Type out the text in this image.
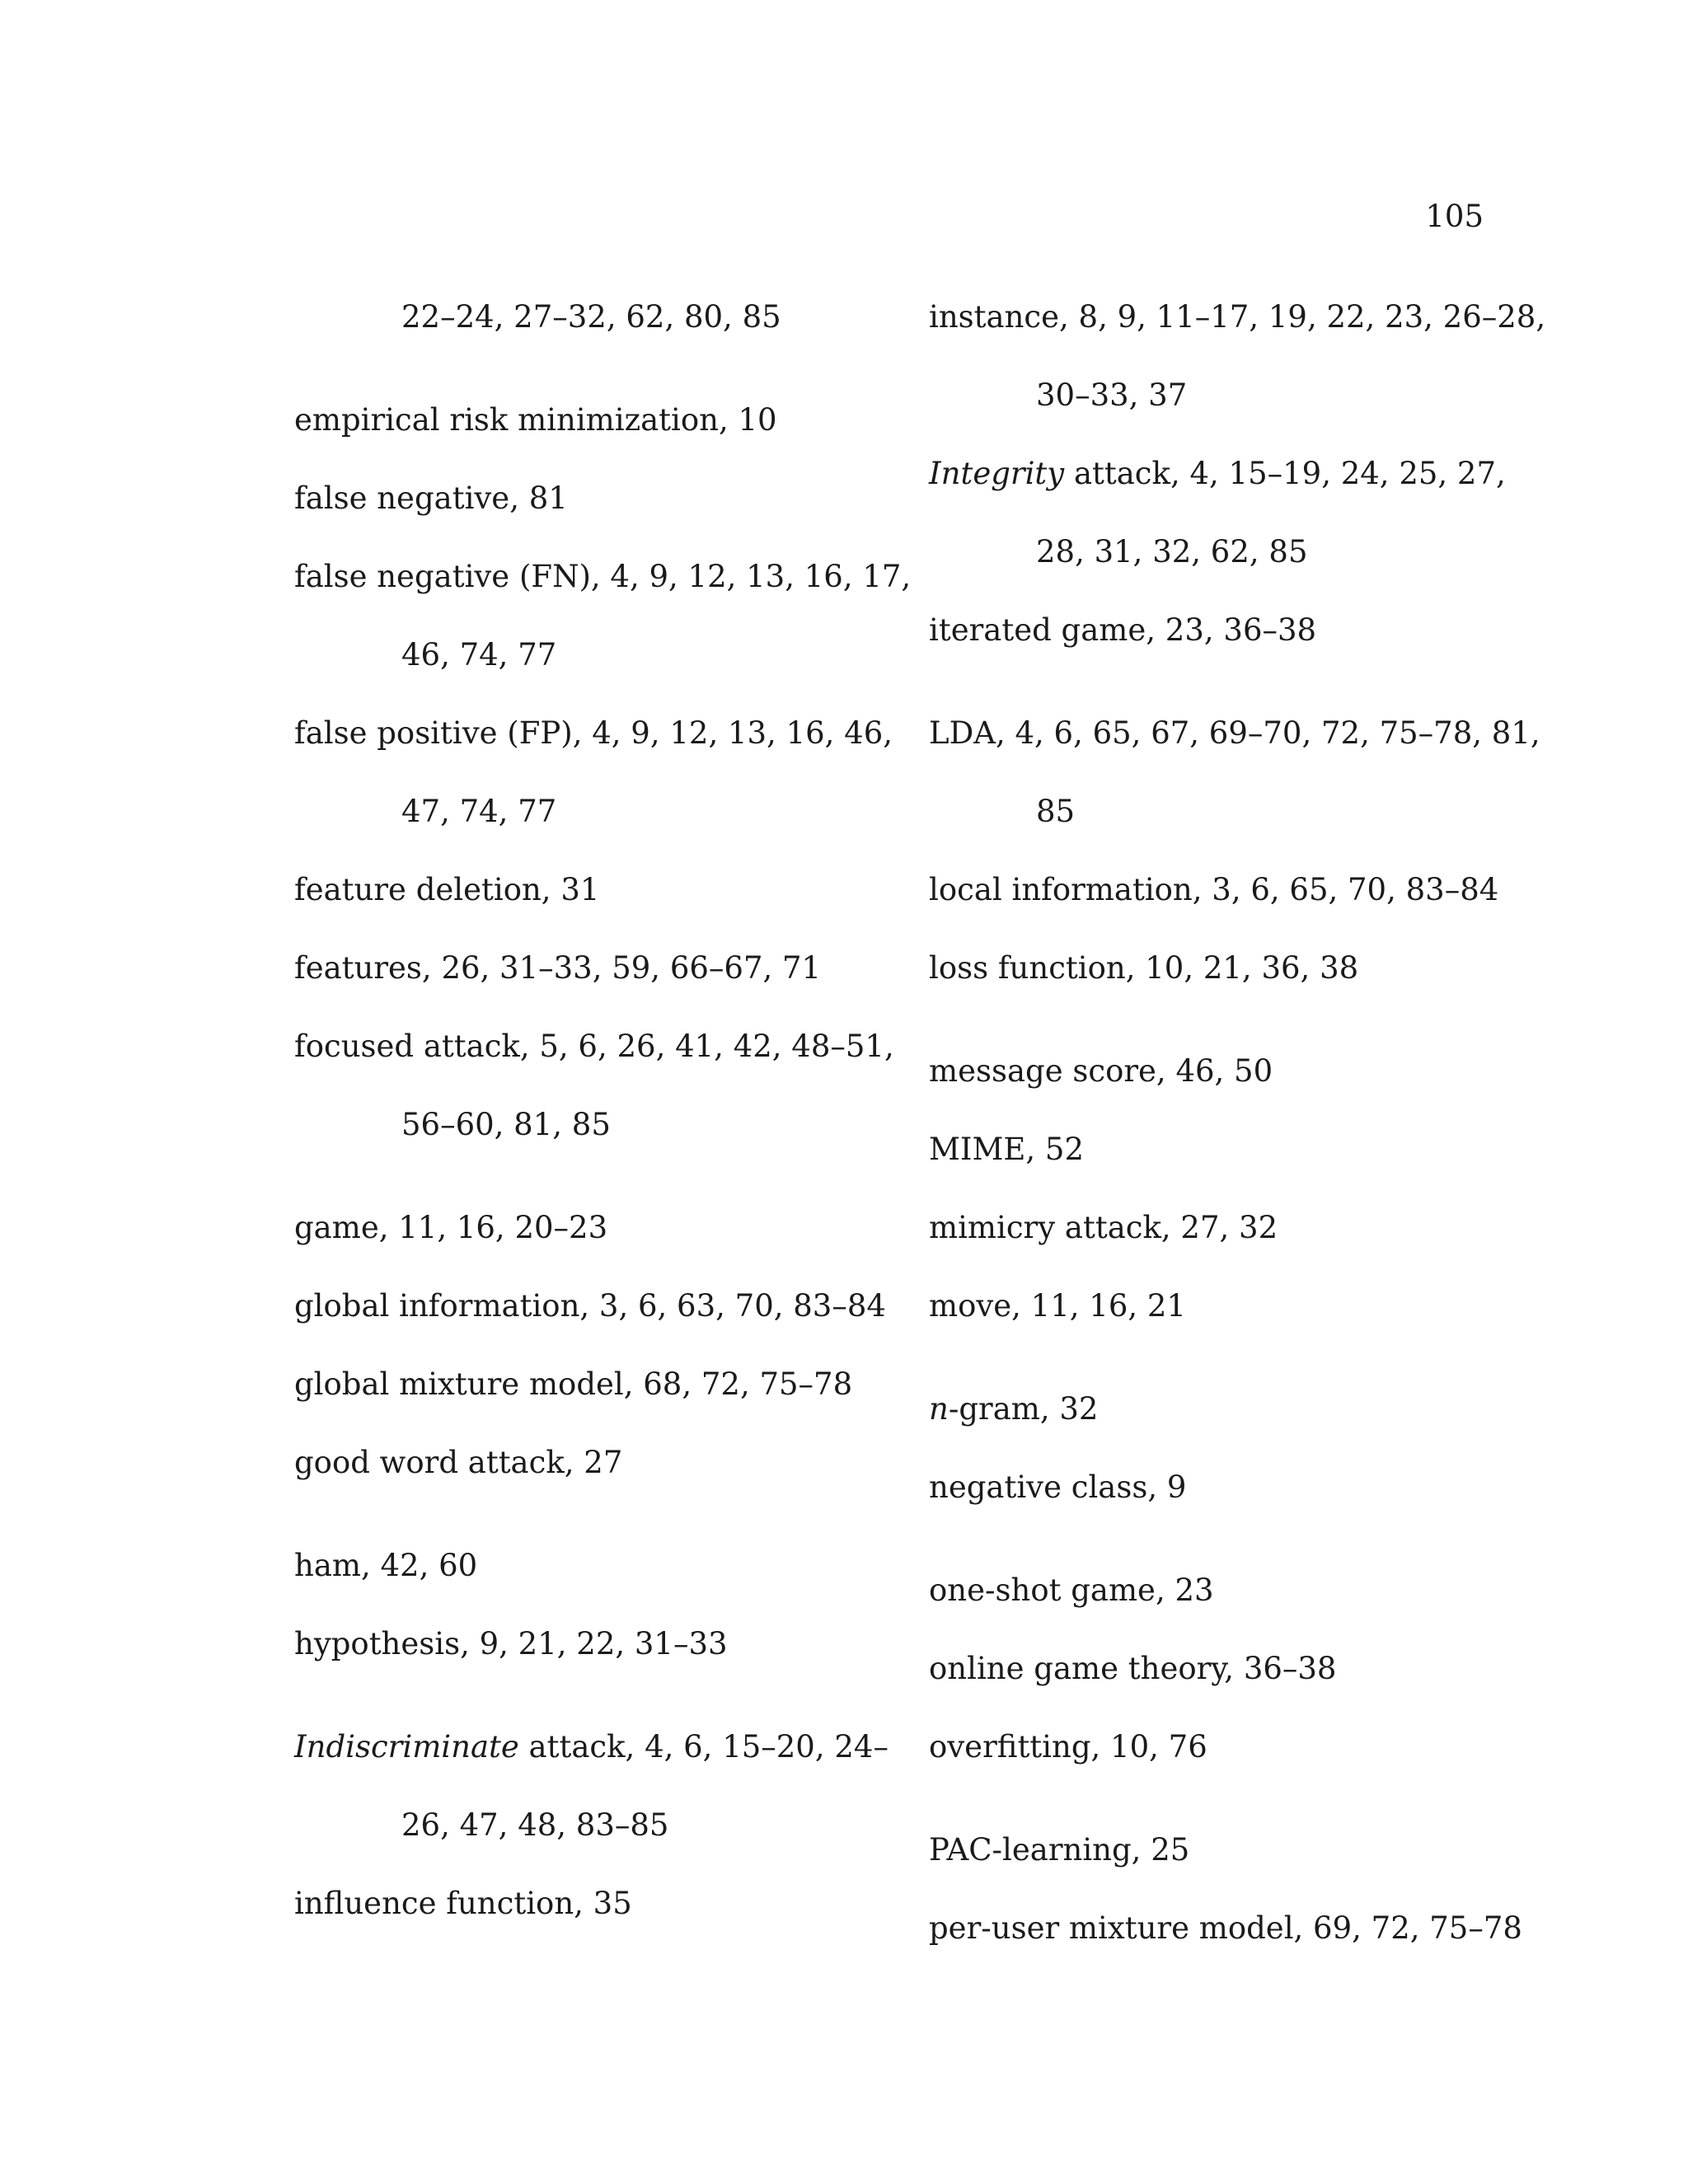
105
22–24, 27–32, 62, 80, 85
empirical risk minimization, 10
false negative, 81
false negative (FN), 4, 9, 12, 13, 16, 17,
46, 74, 77
false positive (FP), 4, 9, 12, 13, 16, 46,
47, 74, 77
feature deletion, 31
features, 26, 31–33, 59, 66–67, 71
focused attack, 5, 6, 26, 41, 42, 48–51,
56–60, 81, 85
game, 11, 16, 20–23
global information, 3, 6, 63, 70, 83–84
global mixture model, 68, 72, 75–78
good word attack, 27
ham, 42, 60
hypothesis, 9, 21, 22, 31–33
Indiscriminate attack, 4, 6, 15–20, 24–
26, 47, 48, 83–85
influence function, 35
instance, 8, 9, 11–17, 19, 22, 23, 26–28,
30–33, 37
Integrity attack, 4, 15–19, 24, 25, 27,
28, 31, 32, 62, 85
iterated game, 23, 36–38
LDA, 4, 6, 65, 67, 69–70, 72, 75–78, 81,
85
local information, 3, 6, 65, 70, 83–84
loss function, 10, 21, 36, 38
message score, 46, 50
MIME, 52
mimicry attack, 27, 32
move, 11, 16, 21
n-gram, 32
negative class, 9
one-shot game, 23
online game theory, 36–38
overfitting, 10, 76
PAC-learning, 25
per-user mixture model, 69, 72, 75–78
